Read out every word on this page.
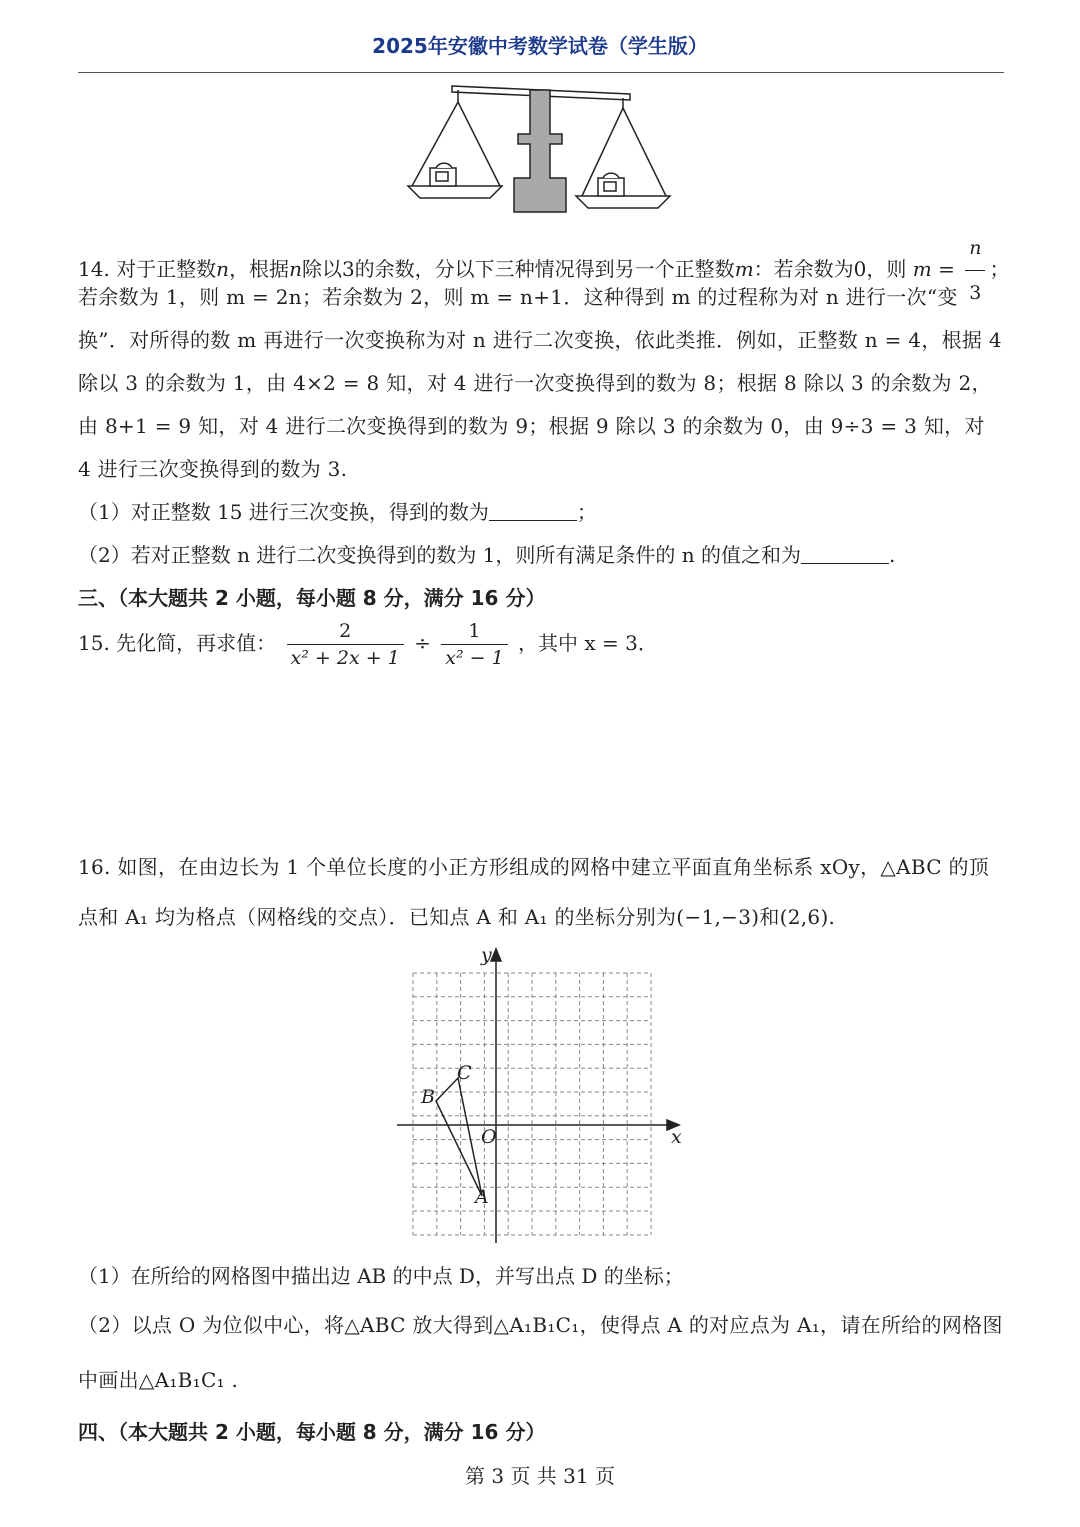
2025年安徽中考数学试卷（学生版）
14. 对于正整数n，根据n除以3的余数，分以下三种情况得到另一个正整数m：若余数为0，则 $m = \frac{n}{3}$ ；
若余数为 1，则 m = 2n；若余数为 2，则 m = n+1．这种得到 m 的过程称为对 n 进行一次“变换”．对所得的数 m 再进行一次变换称为对 n 进行二次变换，依此类推．例如，正整数 n = 4，根据 4 除以 3 的余数为 1，由 4×2 = 8 知，对 4 进行一次变换得到的数为 8；根据 8 除以 3 的余数为 2，由 8+1 = 9 知，对 4 进行二次变换得到的数为 9；根据 9 除以 3 的余数为 0，由 9÷3 = 3 知，对 4 进行三次变换得到的数为 3.
（1）对正整数 15 进行三次变换，得到的数为	；
（2）若对正整数 n 进行二次变换得到的数为 1，则所有满足条件的 n 的值之和为	.
三、（本大题共 2 小题，每小题 8 分，满分 16 分）
15. 先化简，再求值： $\frac{2}{\text{x² + 2x + 1}} \div \frac{1}{\text{x² − 1}}$ ，其中 x = 3．
16. 如图，在由边长为 1 个单位长度的小正方形组成的网格中建立平面直角坐标系 xOy，△ABC 的顶点和 A₁ 均为格点（网格线的交点）．已知点 A 和 A₁ 的坐标分别为(−1,−3)和(2,6).
x
y
O
A
B
C
（1）在所给的网格图中描出边 AB 的中点 D，并写出点 D 的坐标；
（2）以点 O 为位似中心，将△ABC 放大得到△A₁B₁C₁，使得点 A 的对应点为 A₁，请在所给的网格图中画出△A₁B₁C₁ .
四、（本大题共 2 小题，每小题 8 分，满分 16 分）
第 3 页 共 31 页
